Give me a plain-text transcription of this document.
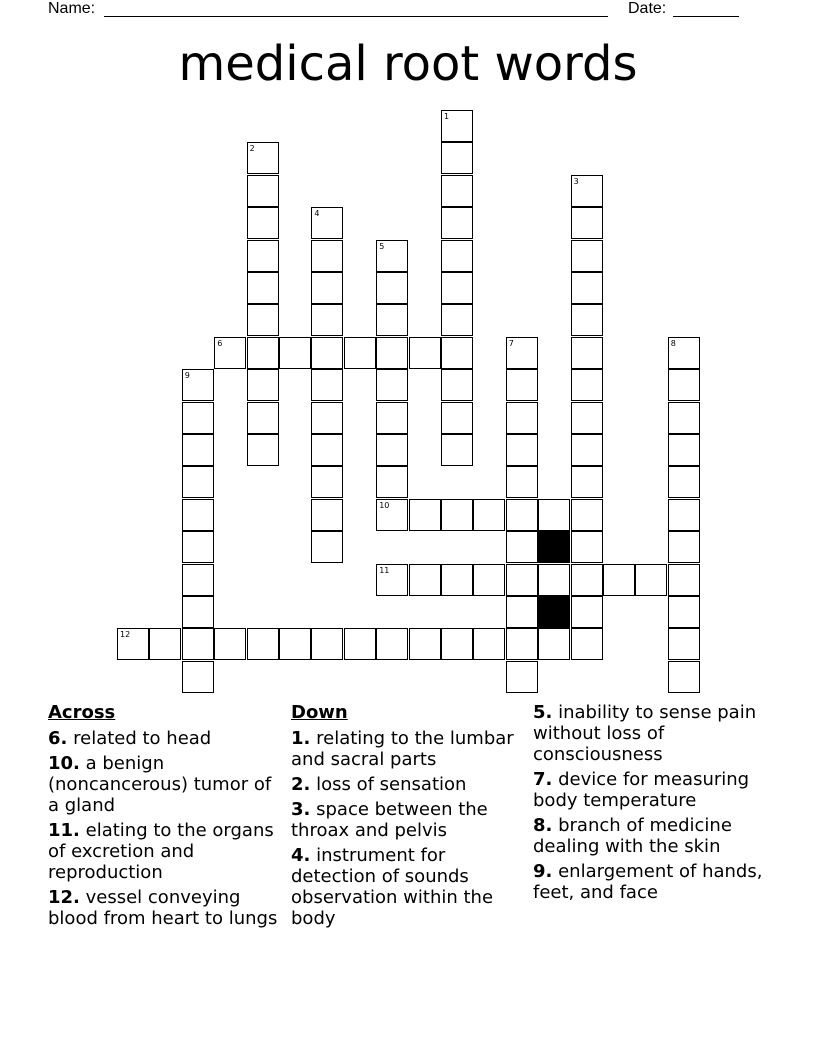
Name:	Date:
medical root words
1
2
3
4
5
10
6	7	8
9
11
12
Across
6. related to head
10. a benign (noncancerous) tumor of a gland
11. elating to the organs of excretion and reproduction
12. vessel conveying blood from heart to lungs
Down
1. relating to the lumbar and sacral parts
2. loss of sensation
3. space between the throax and pelvis
4. instrument for detection of sounds observation within the body
5. inability to sense pain without loss of consciousness
7. device for measuring body temperature
8. branch of medicine dealing with the skin
9. enlargement of hands, feet, and face
